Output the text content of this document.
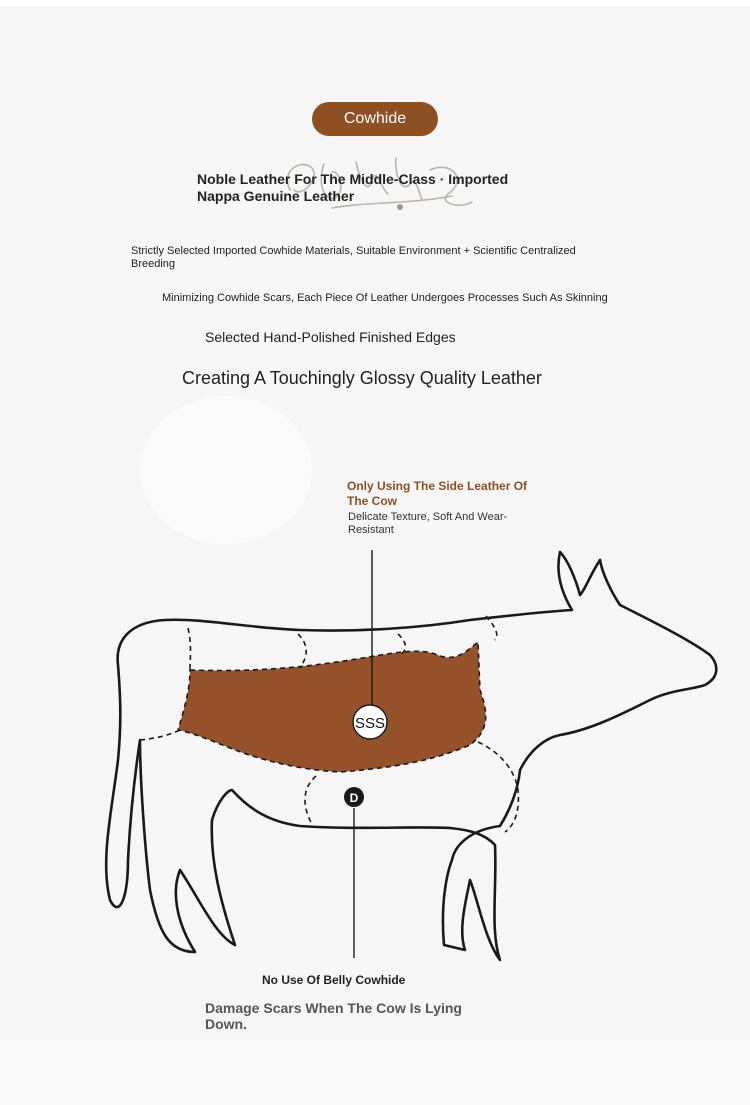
Cowhide

Noble Leather For The Middle-Class · Imported Nappa Genuine Leather

Strictly Selected Imported Cowhide Materials, Suitable Environment + Scientific Centralized Breeding

Minimizing Cowhide Scars, Each Piece Of Leather Undergoes Processes Such As Skinning

Selected Hand-Polished Finished Edges

Creating A Touchingly Glossy Quality Leather

Only Using The Side Leather Of The Cow

Delicate Texture, Soft And Wear-Resistant

SSS
D

No Use Of Belly Cowhide

Damage Scars When The Cow Is Lying Down.
